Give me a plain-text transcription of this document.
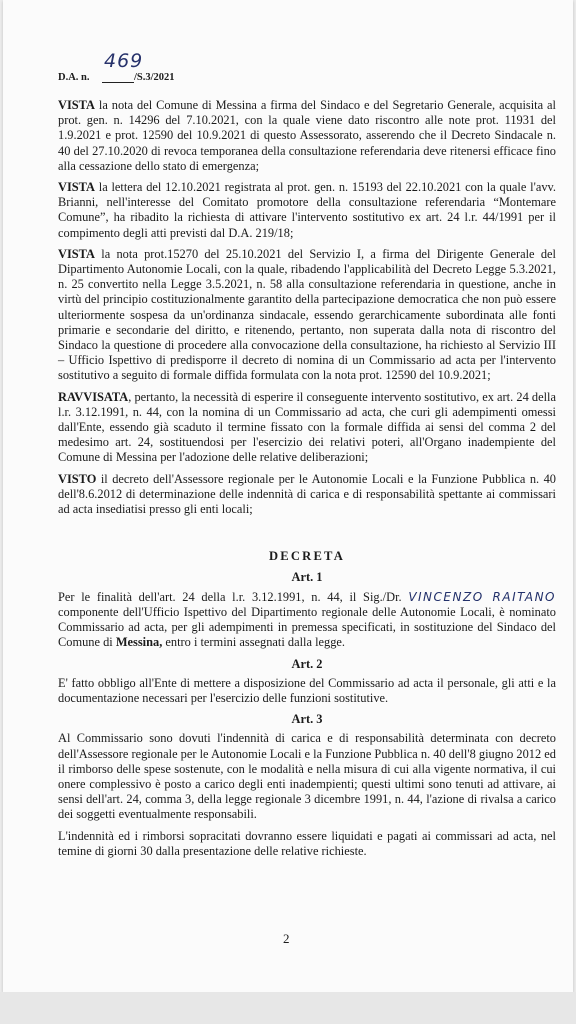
D.A. n.
469
/S.3/2021

VISTA la nota del Comune di Messina a firma del Sindaco e del Segretario Generale, acquisita al prot. gen. n. 14296 del 7.10.2021, con la quale viene dato riscontro alle note prot. 11931 del 1.9.2021 e prot. 12590 del 10.9.2021 di questo Assessorato, asserendo che il Decreto Sindacale n. 40 del 27.10.2020 di revoca temporanea della consultazione referendaria deve ritenersi efficace fino alla cessazione dello stato di emergenza;

VISTA la lettera del 12.10.2021 registrata al prot. gen. n. 15193 del 22.10.2021 con la quale l'avv. Brianni, nell'interesse del Comitato promotore della consultazione referendaria “Montemare Comune”, ha ribadito la richiesta di attivare l'intervento sostitutivo ex art. 24 l.r. 44/1991 per il compimento degli atti previsti dal D.A. 219/18;

VISTA la nota prot.15270 del 25.10.2021 del Servizio I, a firma del Dirigente Generale del Dipartimento Autonomie Locali, con la quale, ribadendo l'applicabilità del Decreto Legge 5.3.2021, n. 25 convertito nella Legge 3.5.2021, n. 58 alla consultazione referendaria in questione, anche in virtù del principio costituzionalmente garantito della partecipazione democratica che non può essere ulteriormente sospesa da un'ordinanza sindacale, essendo gerarchicamente subordinata alle fonti primarie e secondarie del diritto, e ritenendo, pertanto, non superata dalla nota di riscontro del Sindaco la questione di procedere alla convocazione della consultazione, ha richiesto al Servizio III – Ufficio Ispettivo di predisporre il decreto di nomina di un Commissario ad acta per l'intervento sostitutivo a seguito di formale diffida formulata con la nota prot. 12590 del 10.9.2021;

RAVVISATA, pertanto, la necessità di esperire il conseguente intervento sostitutivo, ex art. 24 della l.r. 3.12.1991, n. 44, con la nomina di un Commissario ad acta, che curi gli adempimenti omessi dall'Ente, essendo già scaduto il termine fissato con la formale diffida ai sensi del comma 2 del medesimo art. 24, sostituendosi per l'esercizio dei relativi poteri, all'Organo inadempiente del Comune di Messina per l'adozione delle relative deliberazioni;

VISTO il decreto dell'Assessore regionale per le Autonomie Locali e la Funzione Pubblica n. 40 dell'8.6.2012 di determinazione delle indennità di carica e di responsabilità spettante ai commissari ad acta insediatisi presso gli enti locali;

DECRETA
Art. 1

Per le finalità dell'art. 24 della l.r. 3.12.1991, n. 44, il Sig./Dr. VINCENZO RAITANO componente dell'Ufficio Ispettivo del Dipartimento regionale delle Autonomie Locali, è nominato Commissario ad acta, per gli adempimenti in premessa specificati, in sostituzione del Sindaco del Comune di Messina, entro i termini assegnati dalla legge.

Art. 2

E' fatto obbligo all'Ente di mettere a disposizione del Commissario ad acta il personale, gli atti e la documentazione necessari per l'esercizio delle funzioni sostitutive.

Art. 3

Al Commissario sono dovuti l'indennità di carica e di responsabilità determinata con decreto dell'Assessore regionale per le Autonomie Locali e la Funzione Pubblica n. 40 dell'8 giugno 2012 ed il rimborso delle spese sostenute, con le modalità e nella misura di cui alla vigente normativa, il cui onere complessivo è posto a carico degli enti inadempienti; questi ultimi sono tenuti ad attivare, ai sensi dell'art. 24, comma 3, della legge regionale 3 dicembre 1991, n. 44, l'azione di rivalsa a carico dei soggetti eventualmente responsabili.

L'indennità ed i rimborsi sopracitati dovranno essere liquidati e pagati ai commissari ad acta, nel temine di giorni 30 dalla presentazione delle relative richieste.

2
